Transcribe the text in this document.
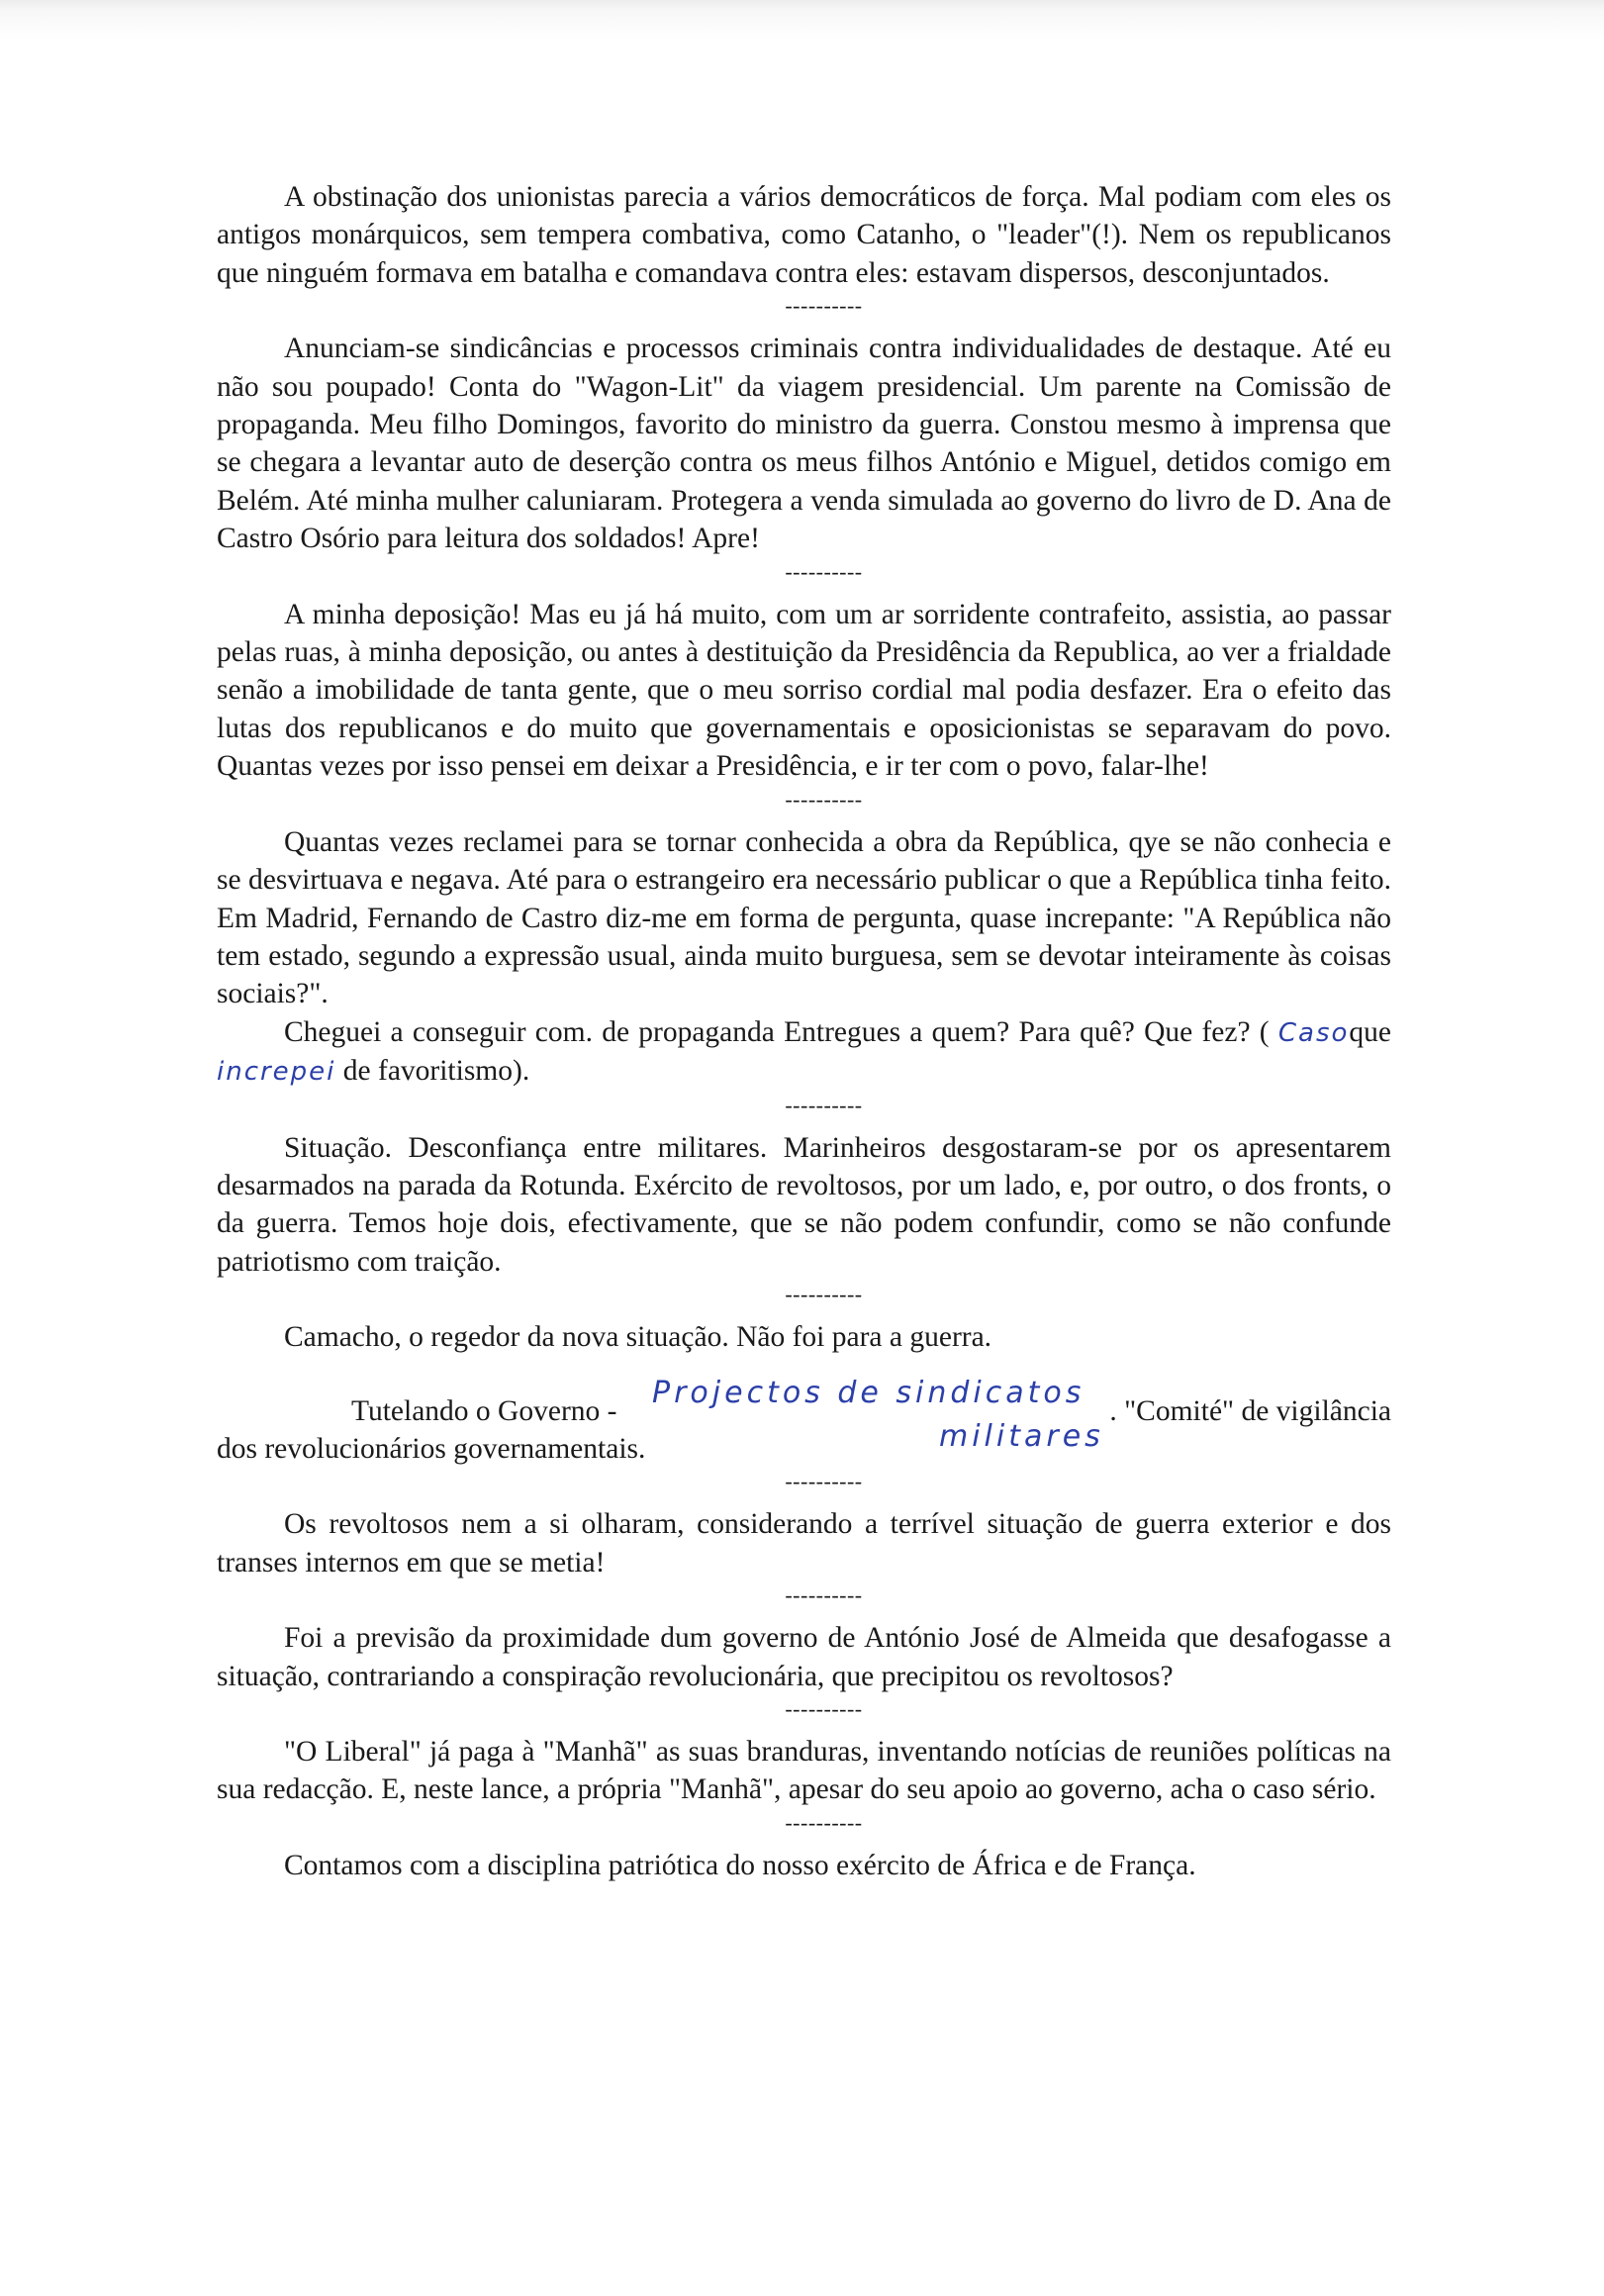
A obstinação dos unionistas parecia a vários democráticos de força. Mal podiam com eles os antigos monárquicos, sem tempera combativa, como Catanho, o "leader"(!). Nem os republicanos que ninguém formava em batalha e comandava contra eles: estavam dispersos, desconjuntados.

----------

Anunciam-se sindicâncias e processos criminais contra individualidades de destaque. Até eu não sou poupado! Conta do "Wagon-Lit" da viagem presidencial. Um parente na Comissão de propaganda. Meu filho Domingos, favorito do ministro da guerra. Constou mesmo à imprensa que se chegara a levantar auto de deserção contra os meus filhos António e Miguel, detidos comigo em Belém. Até minha mulher caluniaram. Protegera a venda simulada ao governo do livro de D. Ana de Castro Osório para leitura dos soldados! Apre!

----------

A minha deposição! Mas eu já há muito, com um ar sorridente contrafeito, assistia, ao passar pelas ruas, à minha deposição, ou antes à destituição da Presidência da Republica, ao ver a frialdade senão a imobilidade de tanta gente, que o meu sorriso cordial mal podia desfazer. Era o efeito das lutas dos republicanos e do muito que governamentais e oposicionistas se separavam do povo. Quantas vezes por isso pensei em deixar a Presidência, e ir ter com o povo, falar-lhe!

----------

Quantas vezes reclamei para se tornar conhecida a obra da República, qye se não conhecia e se desvirtuava e negava. Até para o estrangeiro era necessário publicar o que a República tinha feito. Em Madrid, Fernando de Castro diz-me em forma de pergunta, quase increpante: "A República não tem estado, segundo a expressão usual, ainda muito burguesa, sem se devotar inteiramente às coisas sociais?".

Cheguei a conseguir com. de propaganda Entregues a quem? Para quê? Que fez? ( Casoque increpei de favoritismo).

----------

Situação. Desconfiança entre militares. Marinheiros desgostaram-se por os apresentarem desarmados na parada da Rotunda. Exército de revoltosos, por um lado, e, por outro, o dos fronts, o da guerra. Temos hoje dois, efectivamente, que se não podem confundir, como se não confunde patriotismo com traição.

----------

Camacho, o regedor da nova situação. Não foi para a guerra.

Tutelando o Governo -
Projectos de sindicatos
militares
. "Comité" de vigilância

dos revolucionários governamentais.

----------

Os revoltosos nem a si olharam, considerando a terrível situação de guerra exterior e dos transes internos em que se metia!

----------

Foi a previsão da proximidade dum governo de António José de Almeida que desafogasse a situação, contrariando a conspiração revolucionária, que precipitou os revoltosos?

----------

"O Liberal" já paga à "Manhã" as suas branduras, inventando notícias de reuniões políticas na sua redacção. E, neste lance, a própria "Manhã", apesar do seu apoio ao governo, acha o caso sério.

----------

Contamos com a disciplina patriótica do nosso exército de África e de França.
